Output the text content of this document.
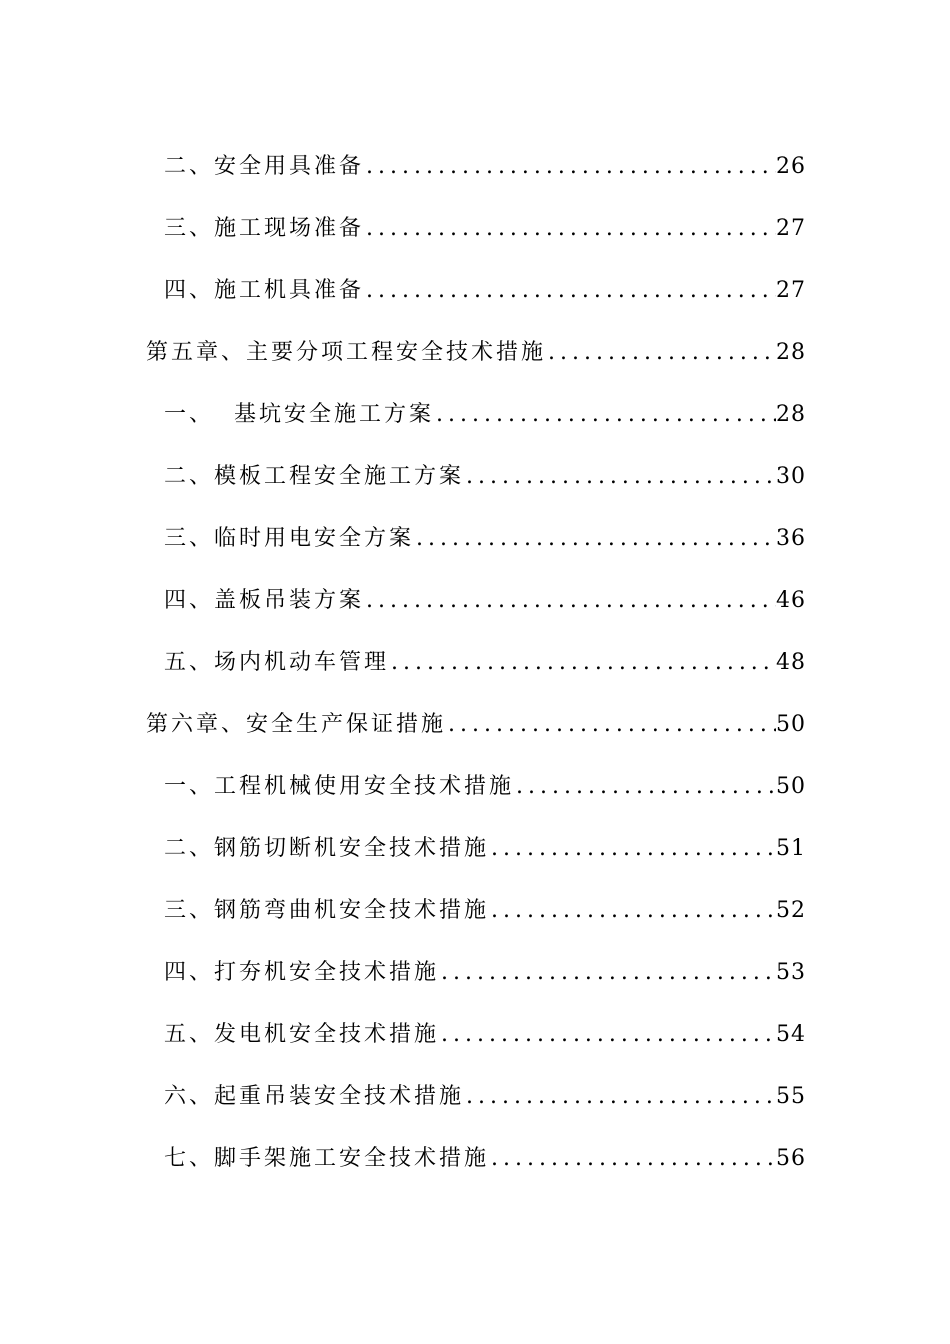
二、安全用具准备 .....	26
三、施工现场准备 .....	27
四、施工机具准备 .....	27
第五章、主要分项工程安全技术措施 .....	28
一、  基坑安全施工方案 .....	28
二、模板工程安全施工方案 .....	30
三、临时用电安全方案 .....	36
四、盖板吊装方案 .....	46
五、场内机动车管理 .....	48
第六章、安全生产保证措施 .....	50
一、工程机械使用安全技术措施 .....	50
二、钢筋切断机安全技术措施 .....	51
三、钢筋弯曲机安全技术措施 .....	52
四、打夯机安全技术措施 .....	53
五、发电机安全技术措施 .....	54
六、起重吊装安全技术措施 .....	55
七、脚手架施工安全技术措施 .....	56
